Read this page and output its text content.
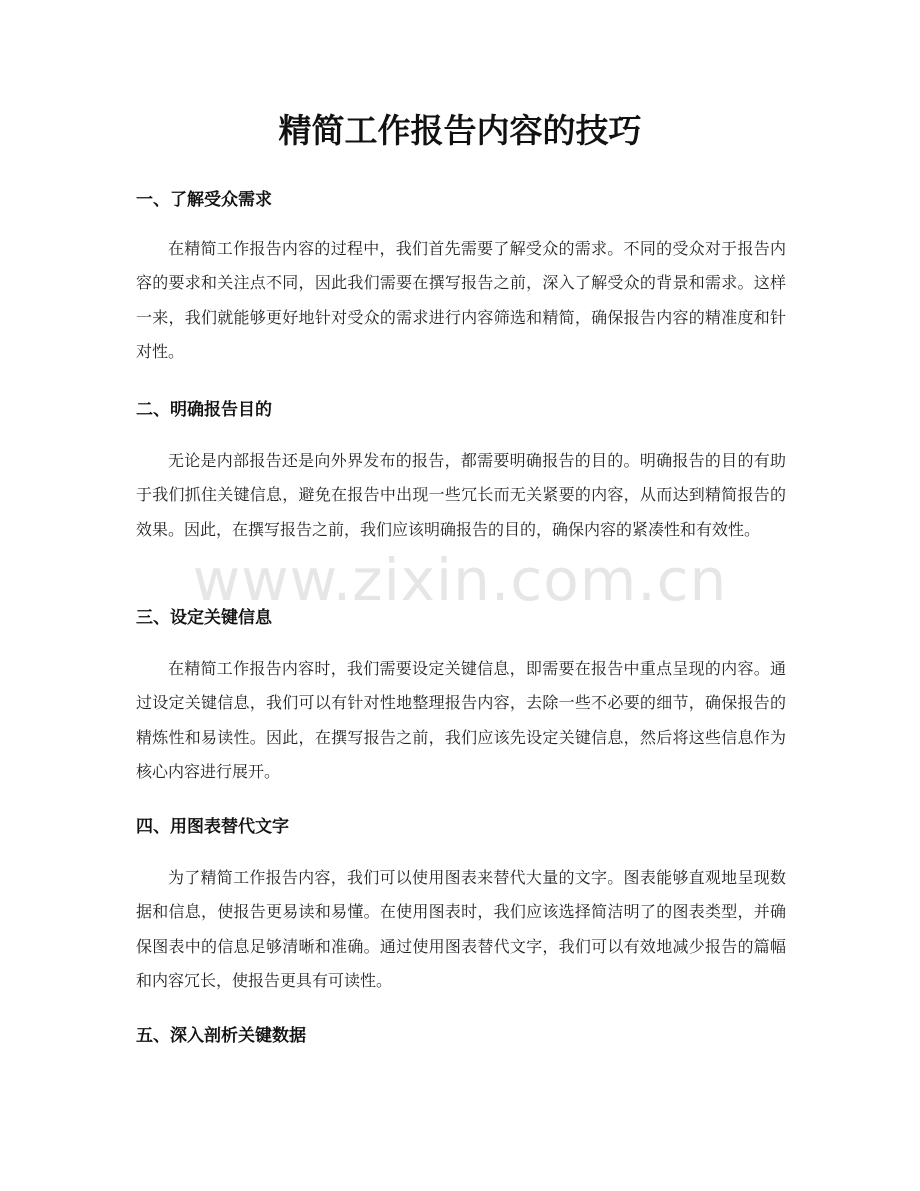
精简工作报告内容的技巧
一、了解受众需求

在精简工作报告内容的过程中，我们首先需要了解受众的需求。不同的受众对于报告内容的要求和关注点不同，因此我们需要在撰写报告之前，深入了解受众的背景和需求。这样一来，我们就能够更好地针对受众的需求进行内容筛选和精简，确保报告内容的精准度和针对性。

二、明确报告目的

无论是内部报告还是向外界发布的报告，都需要明确报告的目的。明确报告的目的有助于我们抓住关键信息，避免在报告中出现一些冗长而无关紧要的内容，从而达到精简报告的效果。因此，在撰写报告之前，我们应该明确报告的目的，确保内容的紧凑性和有效性。

三、设定关键信息

在精简工作报告内容时，我们需要设定关键信息，即需要在报告中重点呈现的内容。通过设定关键信息，我们可以有针对性地整理报告内容，去除一些不必要的细节，确保报告的精炼性和易读性。因此，在撰写报告之前，我们应该先设定关键信息，然后将这些信息作为核心内容进行展开。

四、用图表替代文字

为了精简工作报告内容，我们可以使用图表来替代大量的文字。图表能够直观地呈现数据和信息，使报告更易读和易懂。在使用图表时，我们应该选择简洁明了的图表类型，并确保图表中的信息足够清晰和准确。通过使用图表替代文字，我们可以有效地减少报告的篇幅和内容冗长，使报告更具有可读性。

五、深入剖析关键数据

www.zixin.com.cn
